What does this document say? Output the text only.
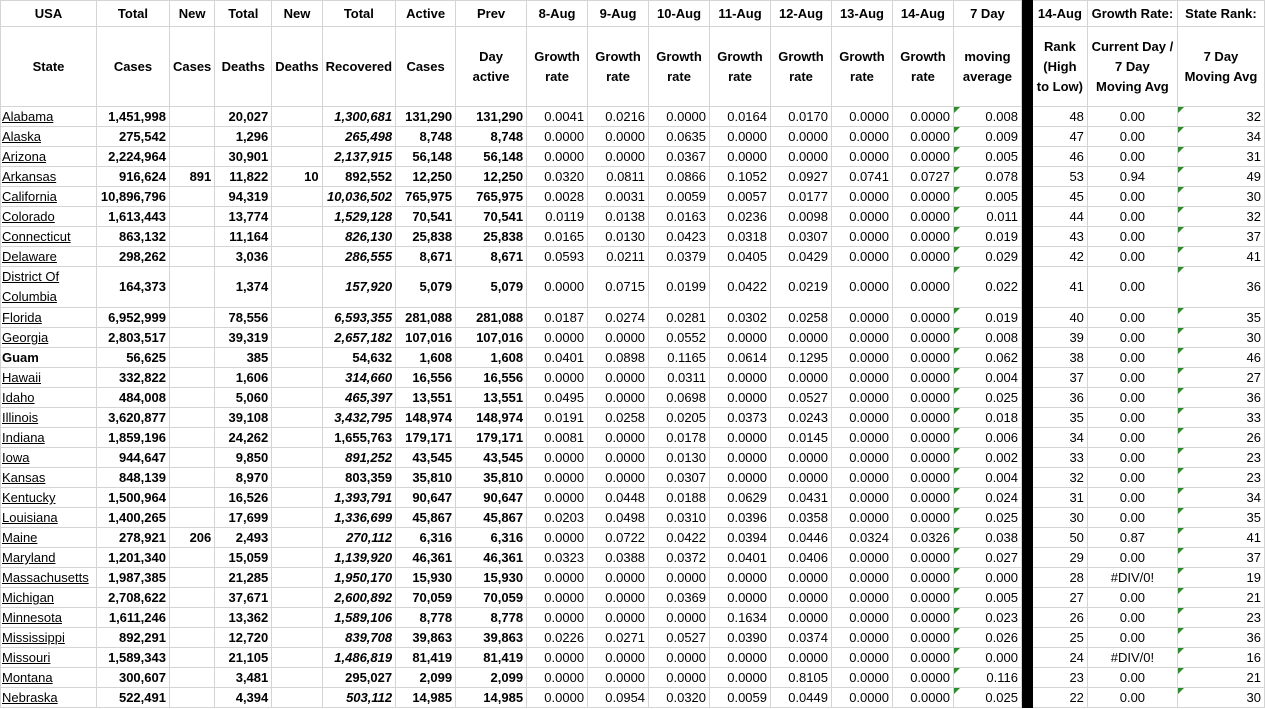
USA	Total	New	Total	New	Total	Active	Prev	8-Aug	9-Aug	10-Aug	11-Aug	12-Aug	13-Aug	14-Aug	7 Day		14-Aug	Growth Rate:	State Rank:
State	Cases	Cases	Deaths	Deaths	Recovered	Cases	Day active	Growth rate	Growth rate	Growth rate	Growth rate	Growth rate	Growth rate	Growth rate	moving average		Rank (High to Low)	Current Day / 7 Day Moving Avg	7 Day Moving Avg
Alabama	1,451,998		20,027		1,300,681	131,290	131,290	0.0041	0.0216	0.0000	0.0164	0.0170	0.0000	0.0000	0.008		48	0.00	32
Alaska	275,542		1,296		265,498	8,748	8,748	0.0000	0.0000	0.0635	0.0000	0.0000	0.0000	0.0000	0.009		47	0.00	34
Arizona	2,224,964		30,901		2,137,915	56,148	56,148	0.0000	0.0000	0.0367	0.0000	0.0000	0.0000	0.0000	0.005		46	0.00	31
Arkansas	916,624	891	11,822	10	892,552	12,250	12,250	0.0320	0.0811	0.0866	0.1052	0.0927	0.0741	0.0727	0.078		53	0.94	49
California	10,896,796		94,319		10,036,502	765,975	765,975	0.0028	0.0031	0.0059	0.0057	0.0177	0.0000	0.0000	0.005		45	0.00	30
Colorado	1,613,443		13,774		1,529,128	70,541	70,541	0.0119	0.0138	0.0163	0.0236	0.0098	0.0000	0.0000	0.011		44	0.00	32
Connecticut	863,132		11,164		826,130	25,838	25,838	0.0165	0.0130	0.0423	0.0318	0.0307	0.0000	0.0000	0.019		43	0.00	37
Delaware	298,262		3,036		286,555	8,671	8,671	0.0593	0.0211	0.0379	0.0405	0.0429	0.0000	0.0000	0.029		42	0.00	41
District Of Columbia	164,373		1,374		157,920	5,079	5,079	0.0000	0.0715	0.0199	0.0422	0.0219	0.0000	0.0000	0.022		41	0.00	36
Florida	6,952,999		78,556		6,593,355	281,088	281,088	0.0187	0.0274	0.0281	0.0302	0.0258	0.0000	0.0000	0.019		40	0.00	35
Georgia	2,803,517		39,319		2,657,182	107,016	107,016	0.0000	0.0000	0.0552	0.0000	0.0000	0.0000	0.0000	0.008		39	0.00	30
Guam	56,625		385		54,632	1,608	1,608	0.0401	0.0898	0.1165	0.0614	0.1295	0.0000	0.0000	0.062		38	0.00	46
Hawaii	332,822		1,606		314,660	16,556	16,556	0.0000	0.0000	0.0311	0.0000	0.0000	0.0000	0.0000	0.004		37	0.00	27
Idaho	484,008		5,060		465,397	13,551	13,551	0.0495	0.0000	0.0698	0.0000	0.0527	0.0000	0.0000	0.025		36	0.00	36
Illinois	3,620,877		39,108		3,432,795	148,974	148,974	0.0191	0.0258	0.0205	0.0373	0.0243	0.0000	0.0000	0.018		35	0.00	33
Indiana	1,859,196		24,262		1,655,763	179,171	179,171	0.0081	0.0000	0.0178	0.0000	0.0145	0.0000	0.0000	0.006		34	0.00	26
Iowa	944,647		9,850		891,252	43,545	43,545	0.0000	0.0000	0.0130	0.0000	0.0000	0.0000	0.0000	0.002		33	0.00	23
Kansas	848,139		8,970		803,359	35,810	35,810	0.0000	0.0000	0.0307	0.0000	0.0000	0.0000	0.0000	0.004		32	0.00	23
Kentucky	1,500,964		16,526		1,393,791	90,647	90,647	0.0000	0.0448	0.0188	0.0629	0.0431	0.0000	0.0000	0.024		31	0.00	34
Louisiana	1,400,265		17,699		1,336,699	45,867	45,867	0.0203	0.0498	0.0310	0.0396	0.0358	0.0000	0.0000	0.025		30	0.00	35
Maine	278,921	206	2,493		270,112	6,316	6,316	0.0000	0.0722	0.0422	0.0394	0.0446	0.0324	0.0326	0.038		50	0.87	41
Maryland	1,201,340		15,059		1,139,920	46,361	46,361	0.0323	0.0388	0.0372	0.0401	0.0406	0.0000	0.0000	0.027		29	0.00	37
Massachusetts	1,987,385		21,285		1,950,170	15,930	15,930	0.0000	0.0000	0.0000	0.0000	0.0000	0.0000	0.0000	0.000		28	#DIV/0!	19
Michigan	2,708,622		37,671		2,600,892	70,059	70,059	0.0000	0.0000	0.0369	0.0000	0.0000	0.0000	0.0000	0.005		27	0.00	21
Minnesota	1,611,246		13,362		1,589,106	8,778	8,778	0.0000	0.0000	0.0000	0.1634	0.0000	0.0000	0.0000	0.023		26	0.00	23
Mississippi	892,291		12,720		839,708	39,863	39,863	0.0226	0.0271	0.0527	0.0390	0.0374	0.0000	0.0000	0.026		25	0.00	36
Missouri	1,589,343		21,105		1,486,819	81,419	81,419	0.0000	0.0000	0.0000	0.0000	0.0000	0.0000	0.0000	0.000		24	#DIV/0!	16
Montana	300,607		3,481		295,027	2,099	2,099	0.0000	0.0000	0.0000	0.0000	0.8105	0.0000	0.0000	0.116		23	0.00	21
Nebraska	522,491		4,394		503,112	14,985	14,985	0.0000	0.0954	0.0320	0.0059	0.0449	0.0000	0.0000	0.025		22	0.00	30
